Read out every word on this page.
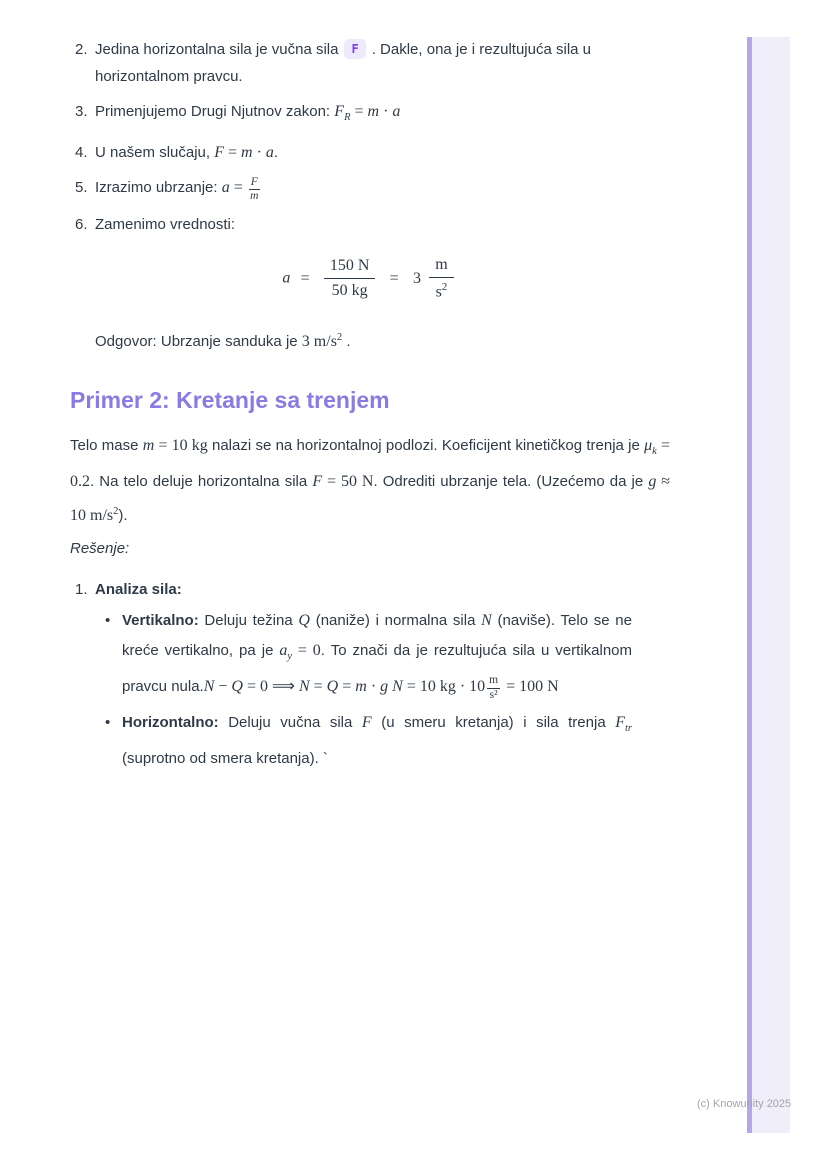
2. Jedina horizontalna sila je vučna sila F . Dakle, ona je i rezultujuća sila u horizontalnom pravcu.
3. Primenjujemo Drugi Njutnov zakon: $F_R = m \cdot a$
4. U našem slučaju, F = m · a.
5. Izrazimo ubrzanje: $a = \frac{F}{m}$
6. Zamenimo vrednosti:
$a = \frac{150 N}{50 kg} = 3 \frac{m}{s^2}$
Odgovor: Ubrzanje sanduka je 3 $m/s^2$ .
Primer 2: Kretanje sa trenjem

Telo mase m = 10 kg nalazi se na horizontalnoj podlozi. Koeficijent kinetičkog trenja je $\mu_k = 0.2$. Na telo deluje horizontalna sila F = 50 N. Odrediti ubrzanje tela. (Uzećemo da je g ≈ 10 $m/s^2$).

Rešenje:
1. Analiza sila:
• Vertikalno: Deluju težina Q (naniže) i normalna sila N (naviše). Telo se ne kreće vertikalno, pa je $a_y = 0$. To znači da je rezultujuća sila u vertikalnom pravcu nula.N − Q = 0 ⟹ N = Q = m · g N = 10 kg · $10 \frac{m}{\text{s²}} = 100$ N
• Horizontalno: Deluju vučna sila F (u smeru kretanja) i sila trenja $F_{tr}$ (suprotno od smera kretanja). `
(c) Knowunity 2025
